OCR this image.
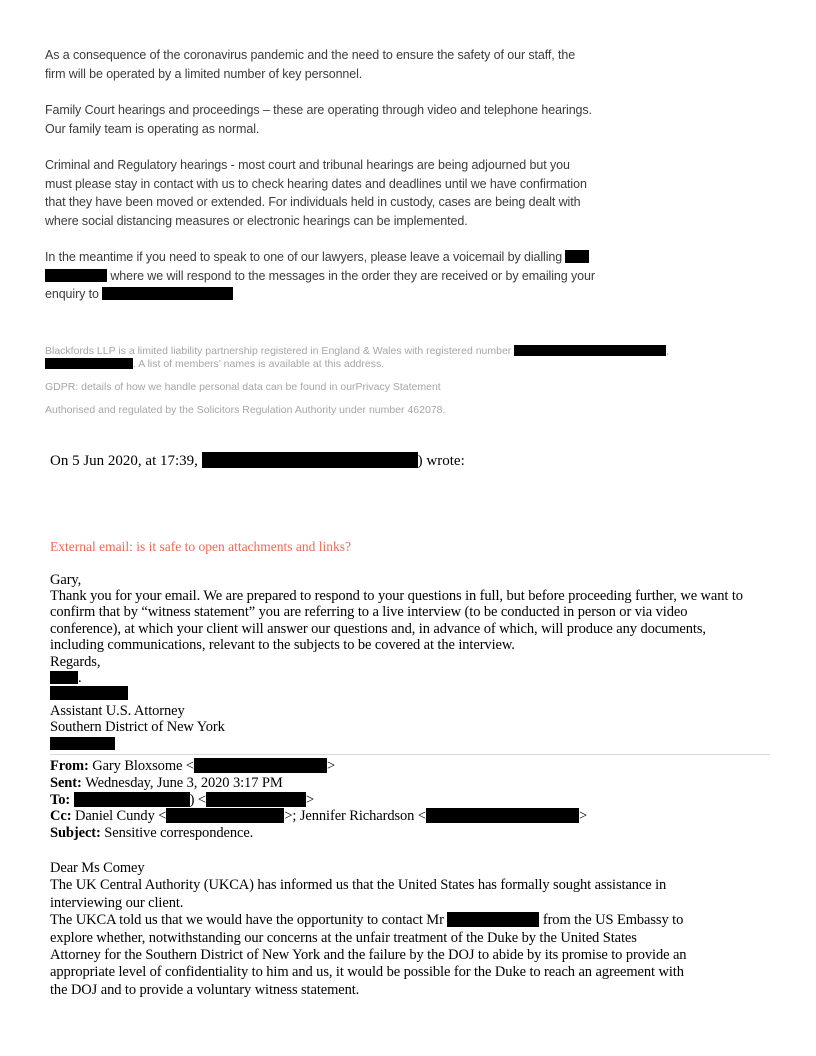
As a consequence of the coronavirus pandemic and the need to ensure the safety of our staff, the
firm will be operated by a limited number of key personnel.
Family Court hearings and proceedings – these are operating through video and telephone hearings.
Our family team is operating as normal.
Criminal and Regulatory hearings - most court and tribunal hearings are being adjourned but you
must please stay in contact with us to check hearing dates and deadlines until we have confirmation
that they have been moved or extended. For individuals held in custody, cases are being dealt with
where social distancing measures or electronic hearings can be implemented.
In the meantime if you need to speak to one of our lawyers, please leave a voicemail by dialling
where we will respond to the messages in the order they are received or by emailing your
enquiry to
Blackfords LLP is a limited liability partnership registered in England & Wales with registered number	,
. A list of members’ names is available at this address.
GDPR: details of how we handle personal data can be found in ourPrivacy Statement
Authorised and regulated by the Solicitors Regulation Authority under number 462078.
On 5 Jun 2020, at 17:39,	) wrote:
External email: is it safe to open attachments and links?
Gary,
Thank you for your email. We are prepared to respond to your questions in full, but before proceeding further, we want to
confirm that by “witness statement” you are referring to a live interview (to be conducted in person or via video
conference), at which your client will answer our questions and, in advance of which, will produce any documents,
including communications, relevant to the subjects to be covered at the interview.
Regards,
.
Assistant U.S. Attorney
Southern District of New York
From: Gary Bloxsome <	>
Sent: Wednesday, June 3, 2020 3:17 PM
To:	) <	>
Cc: Daniel Cundy <	>; Jennifer Richardson <	>
Subject: Sensitive correspondence.
Dear Ms Comey
The UK Central Authority (UKCA) has informed us that the United States has formally sought assistance in
interviewing our client.
The UKCA told us that we would have the opportunity to contact Mr	from the US Embassy to
explore whether, notwithstanding our concerns at the unfair treatment of the Duke by the United States
Attorney for the Southern District of New York and the failure by the DOJ to abide by its promise to provide an
appropriate level of confidentiality to him and us, it would be possible for the Duke to reach an agreement with
the DOJ and to provide a voluntary witness statement.
